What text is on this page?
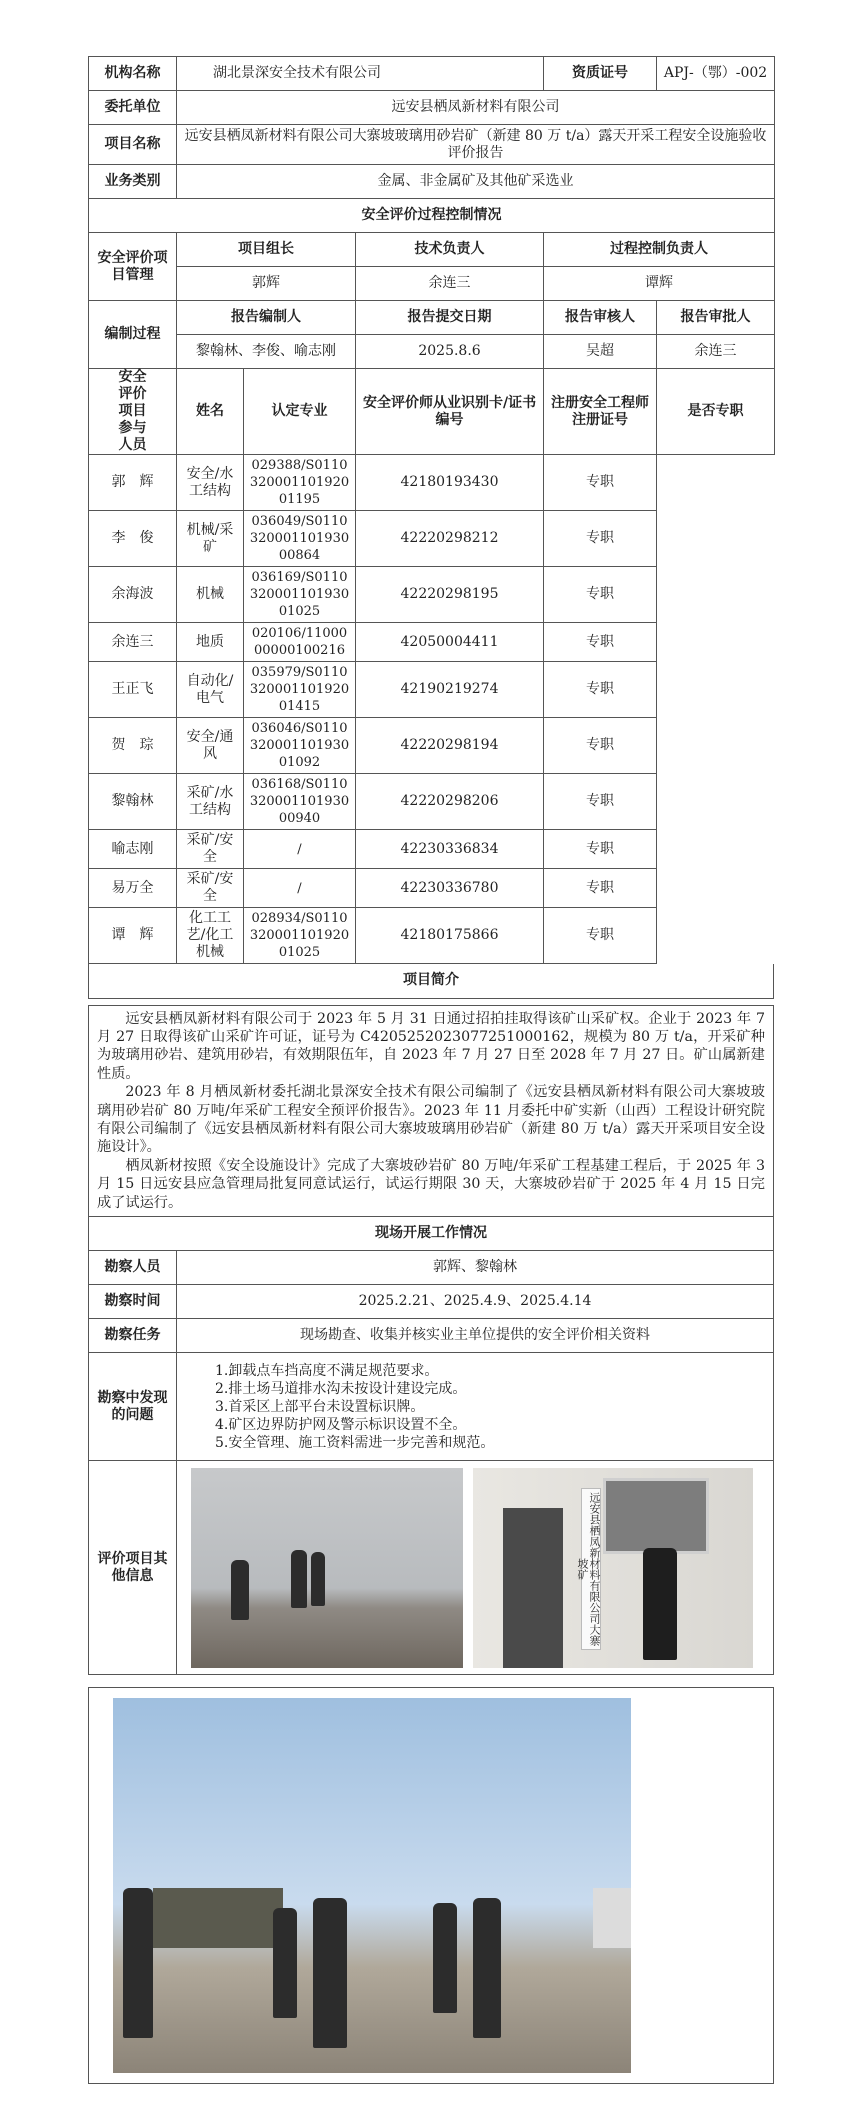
机构名称	湖北景深安全技术有限公司			资质证号	APJ-（鄂）-002
委托单位	远安县栖凤新材料有限公司				
项目名称	远安县栖凤新材料有限公司大寨坡玻璃用砂岩矿（新建 80 万 t/a）露天开采工程安全设施验收评价报告				
业务类别	金属、非金属矿及其他矿采选业				
安全评价过程控制情况					
安全评价项目管理	项目组长		技术负责人	过程控制负责人	
	郭辉		余连三	谭辉	
编制过程	报告编制人		报告提交日期	报告审核人	报告审批人
	黎翰林、李俊、喻志刚		2025.8.6	吴超	余连三
安全评价项目参与人员	姓名	认定专业	安全评价师从业识别卡/证书编号	注册安全工程师注册证号	是否专职
郭　辉	安全/水工结构	029388/S011032000110192001195	42180193430	专职	
李　俊	机械/采矿	036049/S011032000110193000864	42220298212	专职	
余海波	机械	036169/S011032000110193001025	42220298195	专职	
余连三	地质	020106/1100000000100216	42050004411	专职	
王正飞	自动化/电气	035979/S011032000110192001415	42190219274	专职	
贺　琮	安全/通风	036046/S011032000110193001092	42220298194	专职	
黎翰林	采矿/水工结构	036168/S011032000110193000940	42220298206	专职	
喻志刚	采矿/安全	/	42230336834	专职	
易万全	采矿/安全	/	42230336780	专职	
谭　辉	化工工艺/化工机械	028934/S011032000110192001025	42180175866	专职	
项目简介

远安县栖凤新材料有限公司于 2023 年 5 月 31 日通过招拍挂取得该矿山采矿权。企业于 2023 年 7 月 27 日取得该矿山采矿许可证，证号为 C4205252023077251000162，规模为 80 万 t/a，开采矿种为玻璃用砂岩、建筑用砂岩，有效期限伍年，自 2023 年 7 月 27 日至 2028 年 7 月 27 日。矿山属新建性质。

2023 年 8 月栖凤新材委托湖北景深安全技术有限公司编制了《远安县栖凤新材料有限公司大寨坡玻璃用砂岩矿 80 万吨/年采矿工程安全预评价报告》。2023 年 11 月委托中矿实新（山西）工程设计研究院有限公司编制了《远安县栖凤新材料有限公司大寨坡玻璃用砂岩矿（新建 80 万 t/a）露天开采项目安全设施设计》。

栖凤新材按照《安全设施设计》完成了大寨坡砂岩矿 80 万吨/年采矿工程基建工程后，于 2025 年 3 月 15 日远安县应急管理局批复同意试运行，试运行期限 30 天，大寨坡砂岩矿于 2025 年 4 月 15 日完成了试运行。

现场开展工作情况	
勘察人员	郭辉、黎翰林
勘察时间	2025.2.21、2025.4.9、2025.4.14
勘察任务	现场勘查、收集并核实业主单位提供的安全评价相关资料
勘察中发现的问题	1.卸载点车挡高度不满足规范要求。
2.排土场马道排水沟未按设计建设完成。
3.首采区上部平台未设置标识牌。
4.矿区边界防护网及警示标识设置不全。
5.安全管理、施工资料需进一步完善和规范。

评价项目其他信息	远安县栖凤新材料有限公司大寨坡矿
